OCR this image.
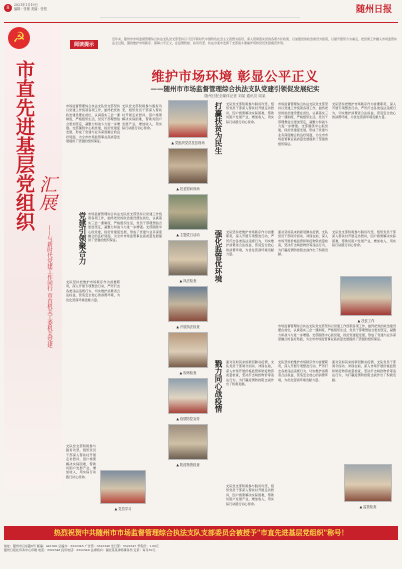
8	2021年1月19日
编辑：张敏 美编：张锐	随州日报
☭
市直先进基层党组织 汇展
——与新时代党建工作同行 市直机关工委机关党建
阅读提示
近年来，随州市市场监督管理综合执法支队党支部坚持以习近平新时代中国特色社会主义思想为指导，深入贯彻落实党的各项方针政策，以加强党的政治建设为统领，以提升组织力为重点，把党建工作融入市场监管执法全过程，围绕维护市场秩序、保障公平正义，在疫情防控、扶贫攻坚、执法办案中发挥了支部战斗堡垒作用和党员先锋模范作用。
维护市场环境 彰显公平正义
——随州市市场监督管理综合执法支队党建引领促发展纪实
随州日报全媒体记者 刘某 通讯员 周某
市场监督管理综合执法支队党支部坚持以党建工作统领各项工作，始终把党的政治建设摆在首位，认真落实三会一课制度，严格组织生活，党员干部理想信念更加坚定，凝聚力和战斗力进一步增强。支部围绕中心抓党建，抓好党建促发展，形成了党建与业务深度融合的良好局面，为全市市场监管事业高质量发展提供了坚强的组织保证。
党建引领聚合力
支队坚持把维护市场秩序作为首要职责，深入开展专项整治行动，严厉打击各类违法违规行为，切实维护消费者合法权益，营造安全放心的消费环境，为优化营商环境贡献力量。
支队党支部积极参与脱贫攻坚，组织党员干部深入帮扶村开展走访慰问，因户施策解决实际困难，帮助贫困户发展产业，增加收入，用实际行动践行初心使命。
市场监督管理综合执法支队党支部坚持以党建工作统领各项工作，始终把党的政治建设摆在首位，认真落实三会一课制度，严格组织生活，党员干部理想信念更加坚定，凝聚力和战斗力进一步增强。支部围绕中心抓党建，抓好党建促发展，形成了党建与业务深度融合的良好局面，为全市市场监管事业高质量发展提供了坚强的组织保证。
▲ 党组织党员扶贫现场
▲ 扶贫慰问现场
▲ 主题党日活动
▲ 执法检查
▲ 开展执法检查
▲ 现场检查
▲ 疫情防控宣传
▲ 防疫物资检查
▲ 党员学习
支队党支部积极参与脱贫攻坚，组织党员干部深入帮扶村开展走访慰问，因户施策解决实际困难，帮助贫困户发展产业，增加收入，用实际行动践行初心使命。
打赢扶贫为民生
强化监管优环境
戮力同心战疫情
支队党支部积极参与脱贫攻坚，组织党员干部深入帮扶村开展走访慰问，因户施策解决实际困难，帮助贫困户发展产业，增加收入，用实际行动践行初心使命。
市场监督管理综合执法支队党支部坚持以党建工作统领各项工作，始终把党的政治建设摆在首位，认真落实三会一课制度，严格组织生活，党员干部理想信念更加坚定，凝聚力和战斗力进一步增强。支部围绕中心抓党建，抓好党建促发展，形成了党建与业务深度融合的良好局面，为全市市场监管事业高质量发展提供了坚强的组织保证。
支队坚持把维护市场秩序作为首要职责，深入开展专项整治行动，严厉打击各类违法违规行为，切实维护消费者合法权益，营造安全放心的消费环境，为优化营商环境贡献力量。
支队坚持把维护市场秩序作为首要职责，深入开展专项整治行动，严厉打击各类违法违规行为，切实维护消费者合法权益，营造安全放心的消费环境，为优化营商环境贡献力量。
面对突如其来的新冠肺炎疫情，支队党员干部闻令而动、冲锋在前，深入市场开展价格监管和防疫物资质量检查，坚决打击哄抬物价等违法行为，为打赢疫情防控阻击战作出了积极贡献。
▲ 扶贫工作
支队党支部积极参与脱贫攻坚，组织党员干部深入帮扶村开展走访慰问，因户施策解决实际困难，帮助贫困户发展产业，增加收入，用实际行动践行初心使命。
市场监督管理综合执法支队党支部坚持以党建工作统领各项工作，始终把党的政治建设摆在首位，认真落实三会一课制度，严格组织生活，党员干部理想信念更加坚定，凝聚力和战斗力进一步增强。支部围绕中心抓党建，抓好党建促发展，形成了党建与业务深度融合的良好局面，为全市市场监管事业高质量发展提供了坚强的组织保证。
面对突如其来的新冠肺炎疫情，支队党员干部闻令而动、冲锋在前，深入市场开展价格监管和防疫物资质量检查，坚决打击哄抬物价等违法行为，为打赢疫情防控阻击战作出了积极贡献。
支队坚持把维护市场秩序作为首要职责，深入开展专项整治行动，严厉打击各类违法违规行为，切实维护消费者合法权益，营造安全放心的消费环境，为优化营商环境贡献力量。
面对突如其来的新冠肺炎疫情，支队党员干部闻令而动、冲锋在前，深入市场开展价格监管和防疫物资质量检查，坚决打击哄抬物价等违法行为，为打赢疫情防控阻击战作出了积极贡献。
▲ 监管检查
支队党支部积极参与脱贫攻坚，组织党员干部深入帮扶村开展走访慰问，因户施策解决实际困难，帮助贫困户发展产业，增加收入，用实际行动践行初心使命。
热烈祝贺中共随州市市场监督管理综合执法支队支部委员会被授予"市直先进基层党组织"称号！
地址：随州市汉东路6号 邮编：441300 总编办：3322345 广告部：3322346 发行部：3322347 零售价：1.00元
随州日报社印务中心印刷 电话：3322348 投诉电话：3322349 法律顾问：湖北某某律师事务所 定价：每月30元
